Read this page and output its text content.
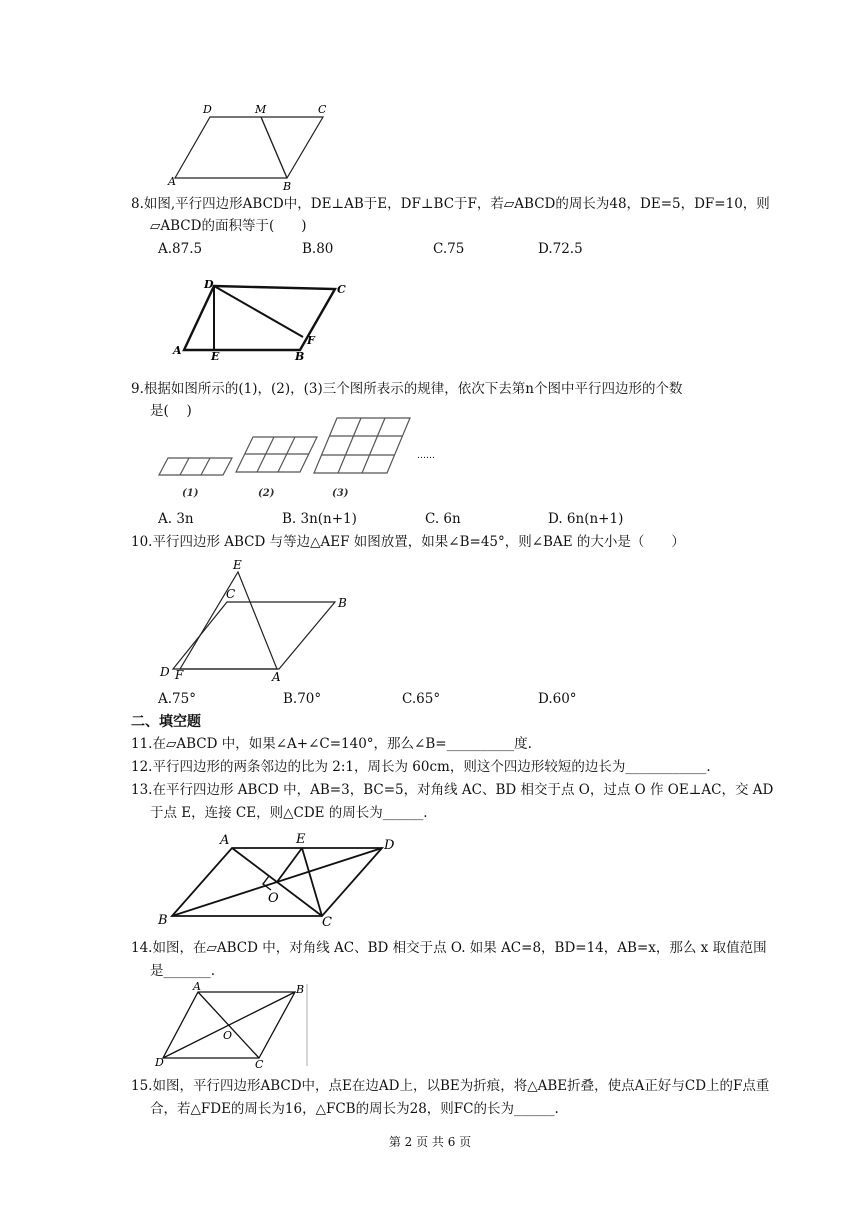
D	M	C
A	B
8.如图,平行四边形ABCD中，DE⊥AB于E，DF⊥BC于F，若▱ABCD的周长为48，DE=5，DF=10，则
▱ABCD的面积等于(　　)
A.87.5	B.80	C.75	D.72.5
D	C
A	E	B
F
9.根据如图所示的(1)，(2)，(3)三个图所表示的规律，依次下去第n个图中平行四边形的个数
是(　 )
……
(1)	(2)	(3)
A. 3n	B. 3n(n+1)	C. 6n	D. 6n(n+1)
10.平行四边形 ABCD 与等边△AEF 如图放置，如果∠B=45°，则∠BAE 的大小是（　　）
E
C
B
D F	A
A.75°	B.70°	C.65°	D.60°
二、填空题
11.在▱ABCD 中，如果∠A+∠C=140°，那么∠B=__________度.
12.平行四边形的两条邻边的比为 2:1，周长为 60cm，则这个四边形较短的边长为____________.
13.在平行四边形 ABCD 中，AB=3，BC=5，对角线 AC、BD 相交于点 O，过点 O 作 OE⊥AC，交 AD
于点 E，连接 CE，则△CDE 的周长为______.
A	E	D
O
B	C
14.如图，在▱ABCD 中，对角线 AC、BD 相交于点 O. 如果 AC=8，BD=14，AB=x，那么 x 取值范围
是_______.
A	B
O
D	C
15.如图，平行四边形ABCD中，点E在边AD上，以BE为折痕，将△ABE折叠，使点A正好与CD上的F点重
合，若△FDE的周长为16，△FCB的周长为28，则FC的长为______.
第 2 页 共 6 页
